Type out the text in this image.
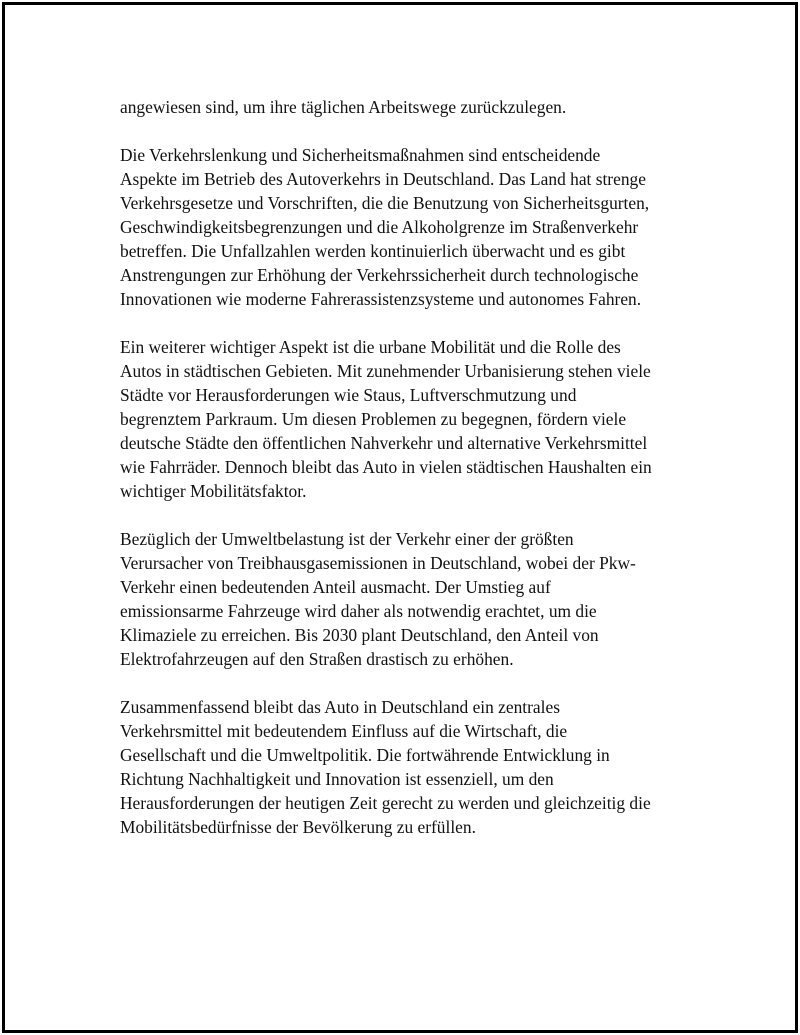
angewiesen sind, um ihre täglichen Arbeitswege zurückzulegen.

Die Verkehrslenkung und Sicherheitsmaßnahmen sind entscheidende
Aspekte im Betrieb des Autoverkehrs in Deutschland. Das Land hat strenge
Verkehrsgesetze und Vorschriften, die die Benutzung von Sicherheitsgurten,
Geschwindigkeitsbegrenzungen und die Alkoholgrenze im Straßenverkehr
betreffen. Die Unfallzahlen werden kontinuierlich überwacht und es gibt
Anstrengungen zur Erhöhung der Verkehrssicherheit durch technologische
Innovationen wie moderne Fahrerassistenzsysteme und autonomes Fahren.

Ein weiterer wichtiger Aspekt ist die urbane Mobilität und die Rolle des
Autos in städtischen Gebieten. Mit zunehmender Urbanisierung stehen viele
Städte vor Herausforderungen wie Staus, Luftverschmutzung und
begrenztem Parkraum. Um diesen Problemen zu begegnen, fördern viele
deutsche Städte den öffentlichen Nahverkehr und alternative Verkehrsmittel
wie Fahrräder. Dennoch bleibt das Auto in vielen städtischen Haushalten ein
wichtiger Mobilitätsfaktor.

Bezüglich der Umweltbelastung ist der Verkehr einer der größten
Verursacher von Treibhausgasemissionen in Deutschland, wobei der Pkw-
Verkehr einen bedeutenden Anteil ausmacht. Der Umstieg auf
emissionsarme Fahrzeuge wird daher als notwendig erachtet, um die
Klimaziele zu erreichen. Bis 2030 plant Deutschland, den Anteil von
Elektrofahrzeugen auf den Straßen drastisch zu erhöhen.

Zusammenfassend bleibt das Auto in Deutschland ein zentrales
Verkehrsmittel mit bedeutendem Einfluss auf die Wirtschaft, die
Gesellschaft und die Umweltpolitik. Die fortwährende Entwicklung in
Richtung Nachhaltigkeit und Innovation ist essenziell, um den
Herausforderungen der heutigen Zeit gerecht zu werden und gleichzeitig die
Mobilitätsbedürfnisse der Bevölkerung zu erfüllen.
